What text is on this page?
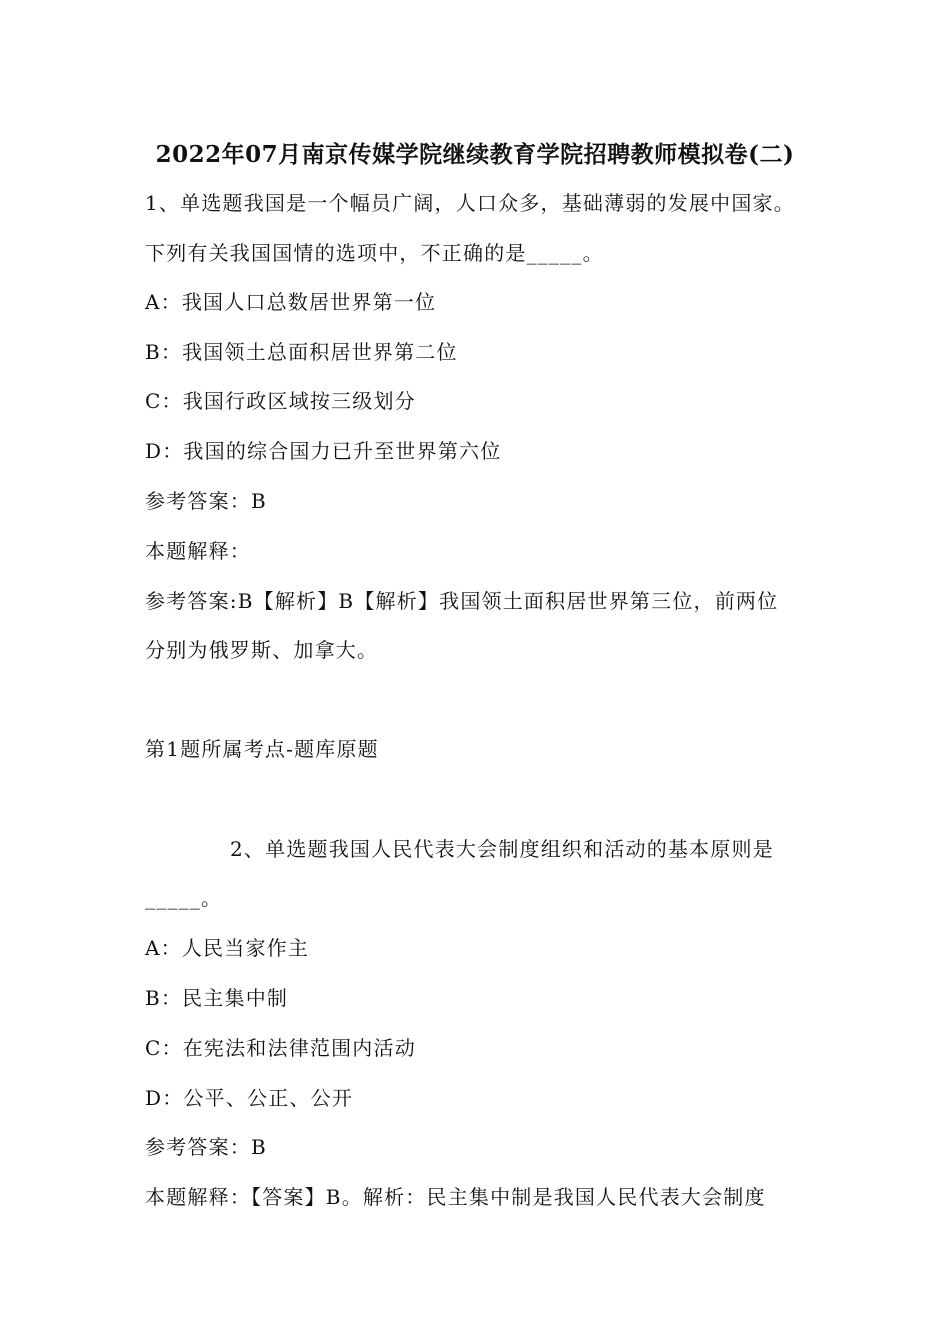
2022年07月南京传媒学院继续教育学院招聘教师模拟卷(二)
1、单选题我国是一个幅员广阔，人口众多，基础薄弱的发展中国家。
下列有关我国国情的选项中，不正确的是_____。
A：我国人口总数居世界第一位
B：我国领土总面积居世界第二位
C：我国行政区域按三级划分
D：我国的综合国力已升至世界第六位
参考答案：B
本题解释：
参考答案:B【解析】B【解析】我国领土面积居世界第三位，前两位
分别为俄罗斯、加拿大。
第1题所属考点-题库原题
2、单选题我国人民代表大会制度组织和活动的基本原则是
_____。
A：人民当家作主
B：民主集中制
C：在宪法和法律范围内活动
D：公平、公正、公开
参考答案：B
本题解释：【答案】B。解析：民主集中制是我国人民代表大会制度
